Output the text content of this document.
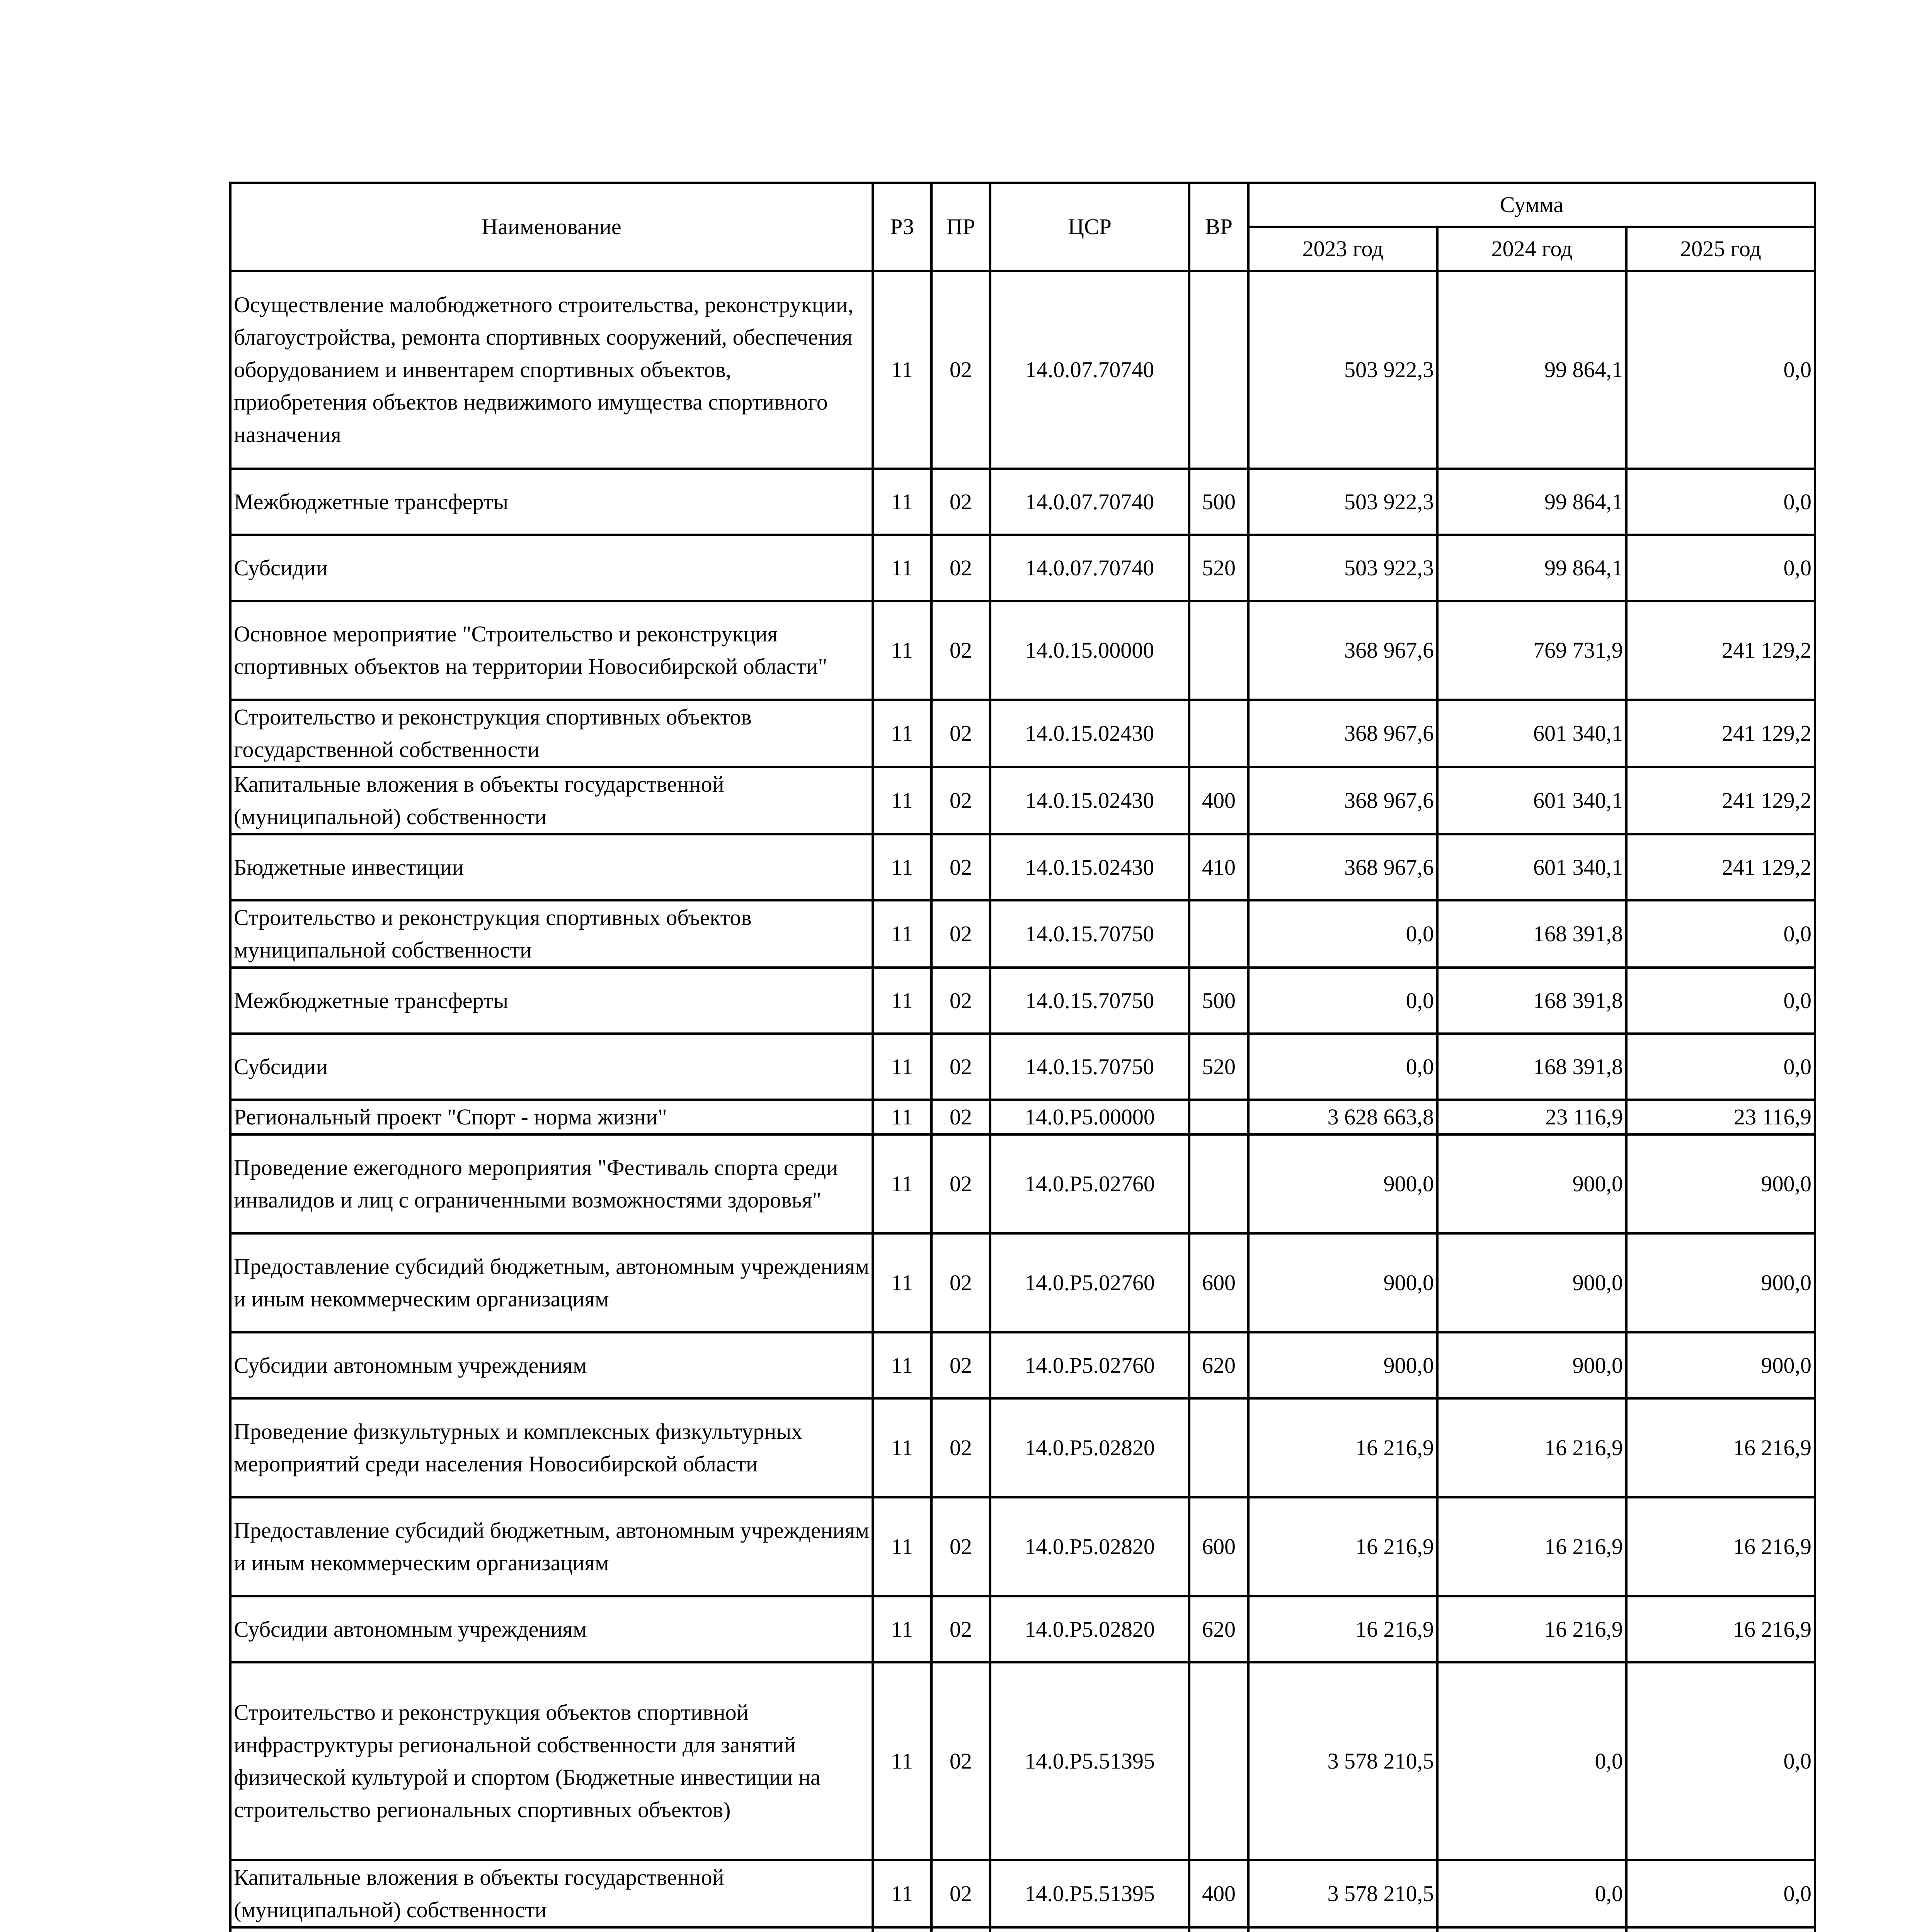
Наименование	РЗ	ПР	ЦСР	ВР	Сумма		
					2023 год	2024 год	2025 год
Осуществление малобюджетного строительства, реконструкции, благоустройства, ремонта спортивных сооружений, обеспечения оборудованием и инвентарем спортивных объектов, приобретения объектов недвижимого имущества спортивного назначения	11	02	14.0.07.70740		503 922,3	99 864,1	0,0
Межбюджетные трансферты	11	02	14.0.07.70740	500	503 922,3	99 864,1	0,0
Субсидии	11	02	14.0.07.70740	520	503 922,3	99 864,1	0,0
Основное мероприятие "Строительство и реконструкция спортивных объектов на территории Новосибирской области"	11	02	14.0.15.00000		368 967,6	769 731,9	241 129,2
Строительство и реконструкция спортивных объектов государственной собственности	11	02	14.0.15.02430		368 967,6	601 340,1	241 129,2
Капитальные вложения в объекты государственной (муниципальной) собственности	11	02	14.0.15.02430	400	368 967,6	601 340,1	241 129,2
Бюджетные инвестиции	11	02	14.0.15.02430	410	368 967,6	601 340,1	241 129,2
Строительство и реконструкция спортивных объектов муниципальной собственности	11	02	14.0.15.70750		0,0	168 391,8	0,0
Межбюджетные трансферты	11	02	14.0.15.70750	500	0,0	168 391,8	0,0
Субсидии	11	02	14.0.15.70750	520	0,0	168 391,8	0,0
Региональный проект "Спорт - норма жизни"	11	02	14.0.P5.00000		3 628 663,8	23 116,9	23 116,9
Проведение ежегодного мероприятия "Фестиваль спорта среди инвалидов и лиц с ограниченными возможностями здоровья"	11	02	14.0.P5.02760		900,0	900,0	900,0
Предоставление субсидий бюджетным, автономным учреждениям и иным некоммерческим организациям	11	02	14.0.P5.02760	600	900,0	900,0	900,0
Субсидии автономным учреждениям	11	02	14.0.P5.02760	620	900,0	900,0	900,0
Проведение физкультурных и комплексных физкультурных мероприятий среди населения Новосибирской области	11	02	14.0.P5.02820		16 216,9	16 216,9	16 216,9
Предоставление субсидий бюджетным, автономным учреждениям и иным некоммерческим организациям	11	02	14.0.P5.02820	600	16 216,9	16 216,9	16 216,9
Субсидии автономным учреждениям	11	02	14.0.P5.02820	620	16 216,9	16 216,9	16 216,9
Строительство и реконструкция объектов спортивной инфраструктуры региональной собственности для занятий физической культурой и спортом (Бюджетные инвестиции на строительство региональных спортивных объектов)	11	02	14.0.P5.51395		3 578 210,5	0,0	0,0
Капитальные вложения в объекты государственной (муниципальной) собственности	11	02	14.0.P5.51395	400	3 578 210,5	0,0	0,0
